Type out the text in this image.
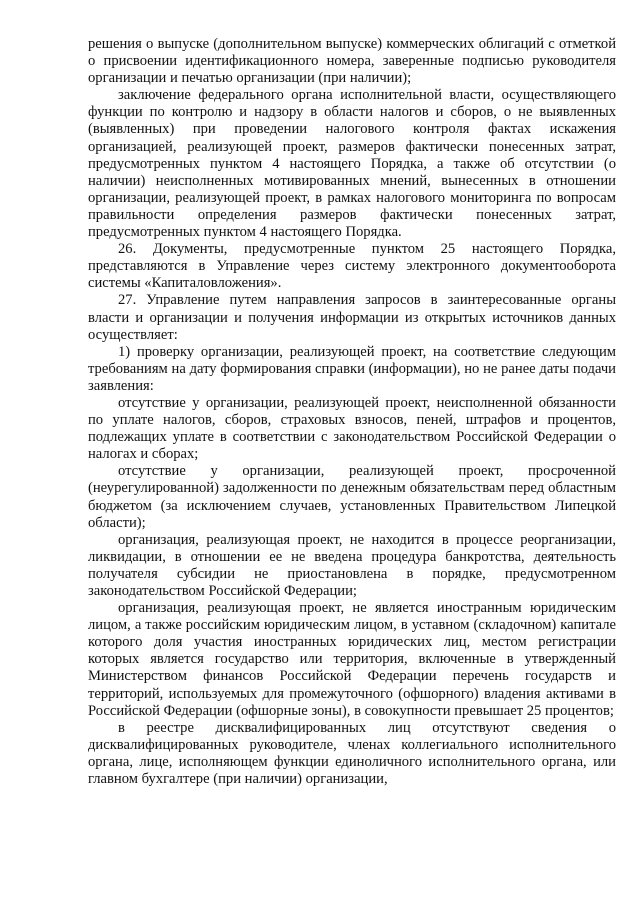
решения о выпуске (дополнительном выпуске) коммерческих облигаций с отметкой о присвоении идентификационного номера, заверенные подписью руководителя организации и печатью организации (при наличии);

заключение федерального органа исполнительной власти, осуществляющего функции по контролю и надзору в области налогов и сборов, о не выявленных (выявленных) при проведении налогового контроля фактах искажения организацией, реализующей проект, размеров фактически понесенных затрат, предусмотренных пунктом 4 настоящего Порядка, а также об отсутствии (о наличии) неисполненных мотивированных мнений, вынесенных в отношении организации, реализующей проект, в рамках налогового мониторинга по вопросам правильности определения размеров фактически понесенных затрат, предусмотренных пунктом 4 настоящего Порядка.

26. Документы, предусмотренные пунктом 25 настоящего Порядка, представляются в Управление через систему электронного документооборота системы «Капиталовложения».

27. Управление путем направления запросов в заинтересованные органы власти и организации и получения информации из открытых источников данных осуществляет:

1) проверку организации, реализующей проект, на соответствие следующим требованиям на дату формирования справки (информации), но не ранее даты подачи заявления:

отсутствие у организации, реализующей проект, неисполненной обязанности по уплате налогов, сборов, страховых взносов, пеней, штрафов и процентов, подлежащих уплате в соответствии с законодательством Российской Федерации о налогах и сборах;

отсутствие у организации, реализующей проект, просроченной (неурегулированной) задолженности по денежным обязательствам перед областным бюджетом (за исключением случаев, установленных Правительством Липецкой области);

организация, реализующая проект, не находится в процессе реорганизации, ликвидации, в отношении ее не введена процедура банкротства, деятельность получателя субсидии не приостановлена в порядке, предусмотренном законодательством Российской Федерации;

организация, реализующая проект, не является иностранным юридическим лицом, а также российским юридическим лицом, в уставном (складочном) капитале которого доля участия иностранных юридических лиц, местом регистрации которых является государство или территория, включенные в утвержденный Министерством финансов Российской Федерации перечень государств и территорий, используемых для промежуточного (офшорного) владения активами в Российской Федерации (офшорные зоны), в совокупности превышает 25 процентов;

в реестре дисквалифицированных лиц отсутствуют сведения о дисквалифицированных руководителе, членах коллегиального исполнительного органа, лице, исполняющем функции единоличного исполнительного органа, или главном бухгалтере (при наличии) организации,
